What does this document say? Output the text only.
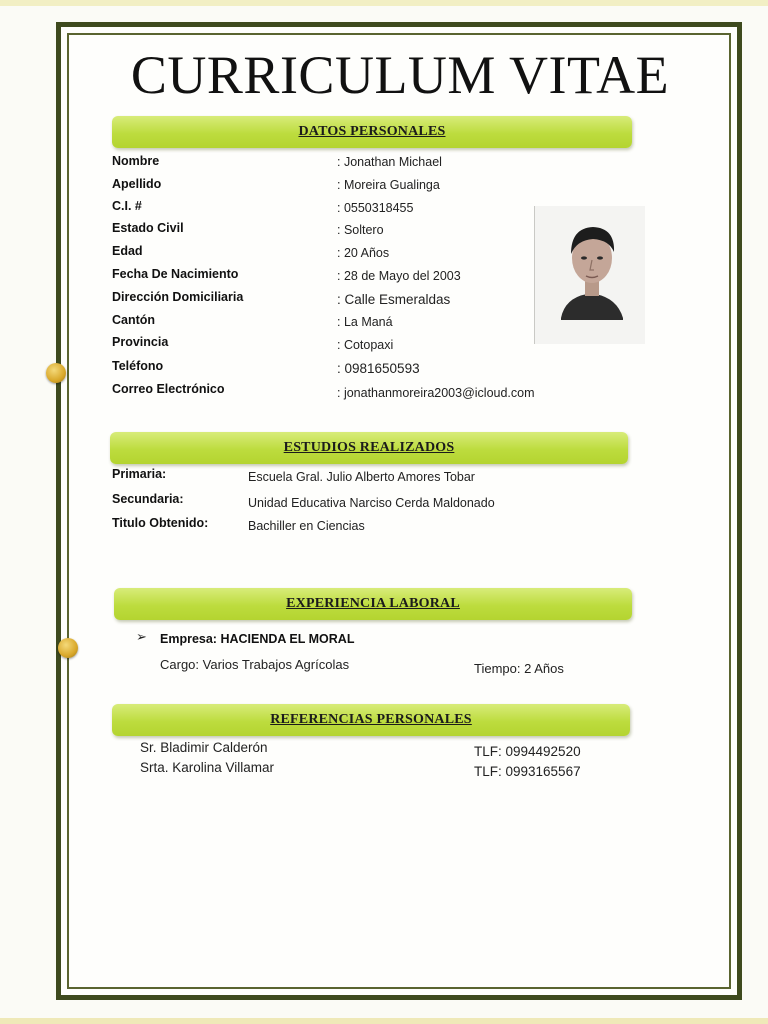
CURRICULUM VITAE
DATOS PERSONALES
Nombre	: Jonathan Michael
Apellido	: Moreira Gualinga
C.I. #	: 0550318455
Estado Civil	: Soltero
Edad	: 20 Años
Fecha De Nacimiento	: 28 de Mayo del 2003
Dirección Domiciliaria	: Calle Esmeraldas
Cantón	: La Maná
Provincia	: Cotopaxi
Teléfono	: 0981650593
Correo Electrónico	: jonathanmoreira2003@icloud.com
ESTUDIOS REALIZADOS
Primaria:	Escuela Gral. Julio Alberto Amores Tobar
Secundaria:	Unidad Educativa Narciso Cerda Maldonado
Titulo Obtenido:	Bachiller en Ciencias
EXPERIENCIA LABORAL
➢ Empresa: HACIENDA EL MORAL
Cargo: Varios Trabajos Agrícolas	Tiempo: 2 Años
REFERENCIAS PERSONALES
Sr. Bladimir Calderón	TLF: 0994492520
Srta. Karolina Villamar	TLF: 0993165567
